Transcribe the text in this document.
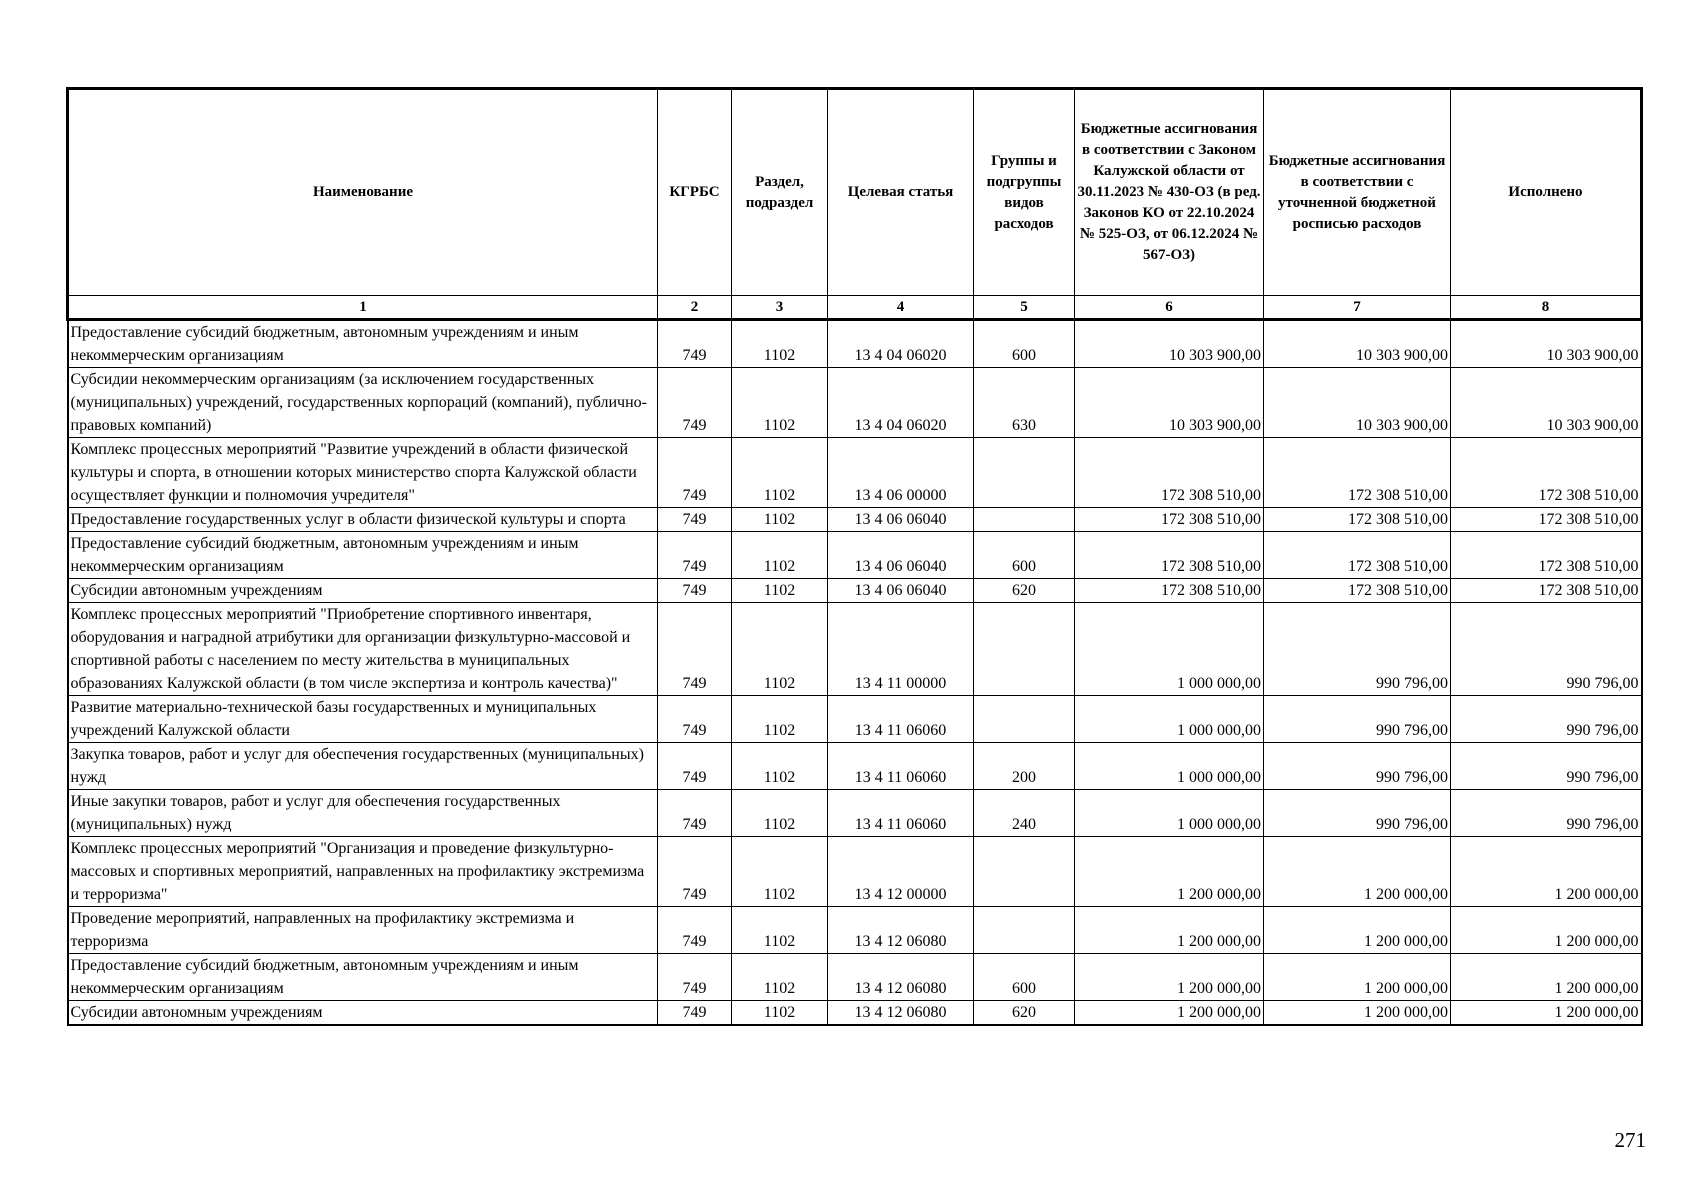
Наименование	КГРБС	Раздел, подраздел	Целевая статья	Группы и подгруппы видов расходов	Бюджетные ассигнования в соответствии с Законом Калужской области от 30.11.2023 № 430-ОЗ (в ред. Законов КО от 22.10.2024 № 525-ОЗ, от 06.12.2024 № 567-ОЗ)	Бюджетные ассигнования в соответствии с уточненной бюджетной росписью расходов	Исполнено
1	2	3	4	5	6	7	8
Предоставление субсидий бюджетным, автономным учреждениям и иным некоммерческим организациям	749	1102	13 4 04 06020	600	10 303 900,00	10 303 900,00	10 303 900,00
Субсидии некоммерческим организациям (за исключением государственных (муниципальных) учреждений, государственных корпораций (компаний), публично-правовых компаний)	749	1102	13 4 04 06020	630	10 303 900,00	10 303 900,00	10 303 900,00
Комплекс процессных мероприятий "Развитие учреждений в области физической культуры и спорта, в отношении которых министерство спорта Калужской области осуществляет функции и полномочия учредителя"	749	1102	13 4 06 00000		172 308 510,00	172 308 510,00	172 308 510,00
Предоставление государственных услуг в области физической культуры и спорта	749	1102	13 4 06 06040		172 308 510,00	172 308 510,00	172 308 510,00
Предоставление субсидий бюджетным, автономным учреждениям и иным некоммерческим организациям	749	1102	13 4 06 06040	600	172 308 510,00	172 308 510,00	172 308 510,00
Субсидии автономным учреждениям	749	1102	13 4 06 06040	620	172 308 510,00	172 308 510,00	172 308 510,00
Комплекс процессных мероприятий "Приобретение спортивного инвентаря, оборудования и наградной атрибутики для организации физкультурно-массовой и спортивной работы с населением по месту жительства в муниципальных образованиях Калужской области (в том числе экспертиза и контроль качества)"	749	1102	13 4 11 00000		1 000 000,00	990 796,00	990 796,00
Развитие материально-технической базы государственных и муниципальных учреждений Калужской области	749	1102	13 4 11 06060		1 000 000,00	990 796,00	990 796,00
Закупка товаров, работ и услуг для обеспечения государственных (муниципальных) нужд	749	1102	13 4 11 06060	200	1 000 000,00	990 796,00	990 796,00
Иные закупки товаров, работ и услуг для обеспечения государственных (муниципальных) нужд	749	1102	13 4 11 06060	240	1 000 000,00	990 796,00	990 796,00
Комплекс процессных мероприятий "Организация и проведение физкультурно-массовых и спортивных мероприятий, направленных на профилактику экстремизма и терроризма"	749	1102	13 4 12 00000		1 200 000,00	1 200 000,00	1 200 000,00
Проведение мероприятий, направленных на профилактику экстремизма и терроризма	749	1102	13 4 12 06080		1 200 000,00	1 200 000,00	1 200 000,00
Предоставление субсидий бюджетным, автономным учреждениям и иным некоммерческим организациям	749	1102	13 4 12 06080	600	1 200 000,00	1 200 000,00	1 200 000,00
Субсидии автономным учреждениям	749	1102	13 4 12 06080	620	1 200 000,00	1 200 000,00	1 200 000,00
271
